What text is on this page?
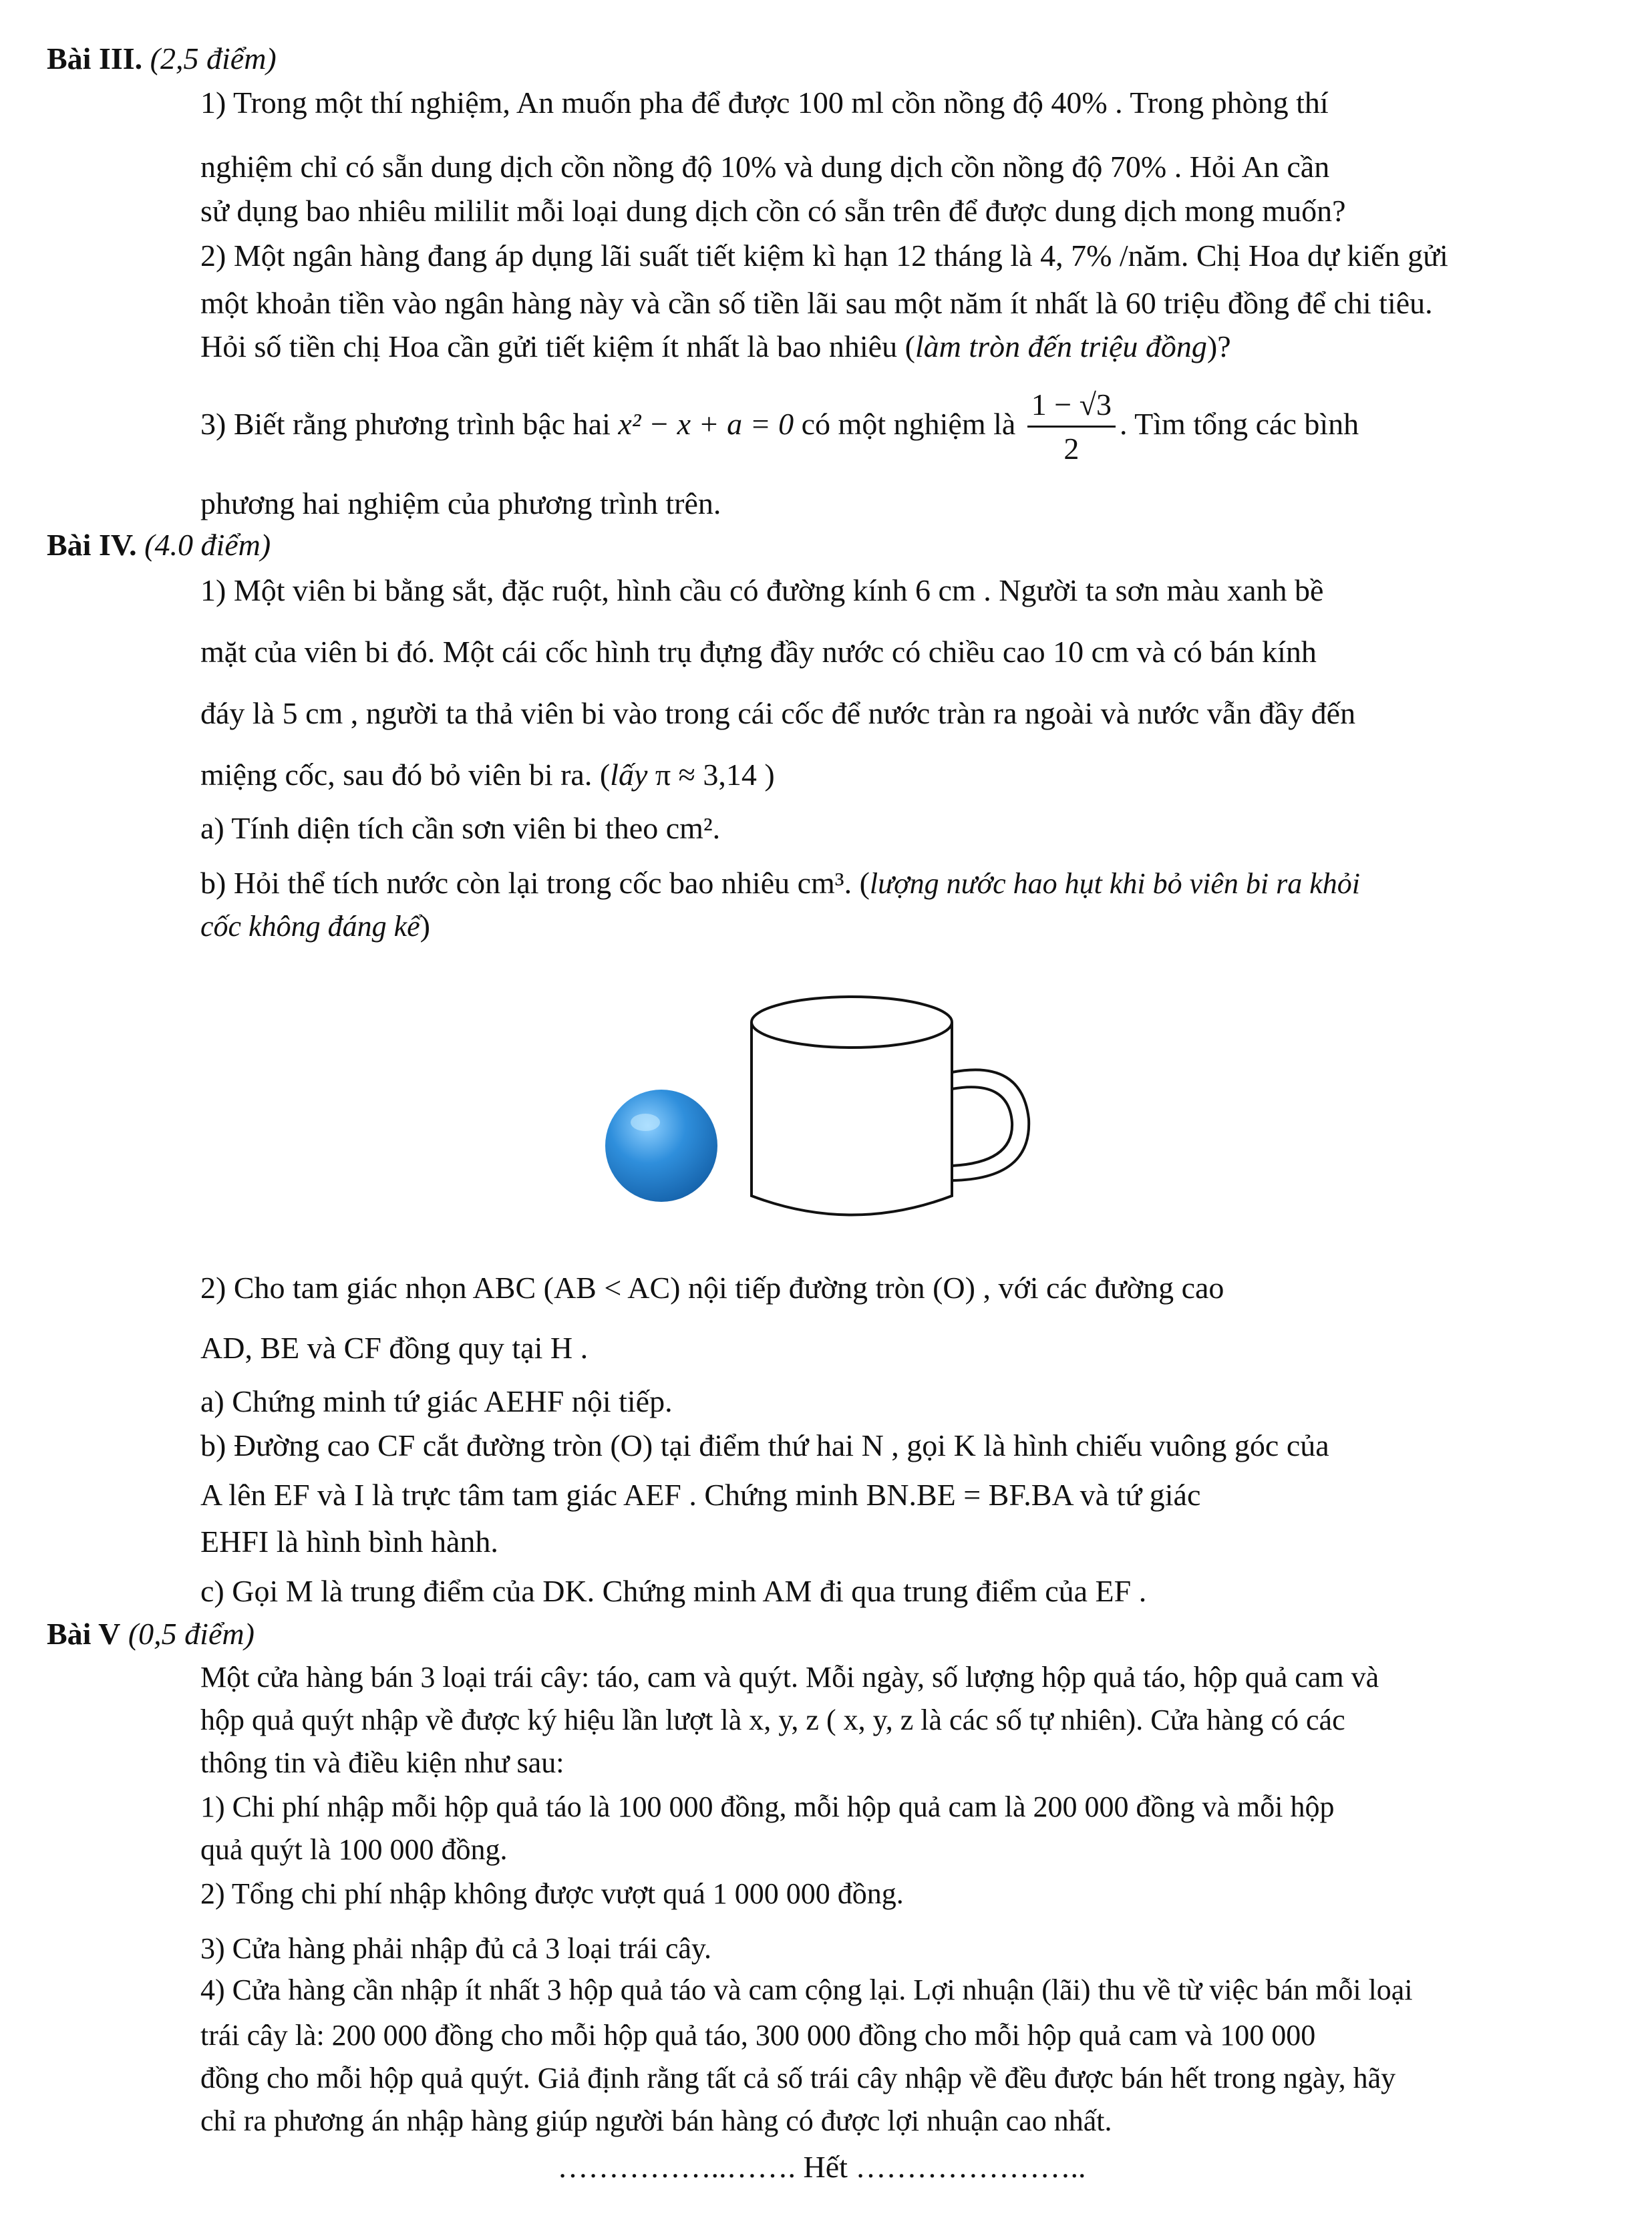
Bài III. (2,5 điểm)
1) Trong một thí nghiệm, An muốn pha để được 100 ml cồn nồng độ 40% . Trong phòng thí
nghiệm chỉ có sẵn dung dịch cồn nồng độ 10% và dung dịch cồn nồng độ 70% . Hỏi An cần
sử dụng bao nhiêu mililit mỗi loại dung dịch cồn có sẵn trên để được dung dịch mong muốn?
2) Một ngân hàng đang áp dụng lãi suất tiết kiệm kì hạn 12 tháng là 4, 7% /năm. Chị Hoa dự kiến gửi
một khoản tiền vào ngân hàng này và cần số tiền lãi sau một năm ít nhất là 60 triệu đồng để chi tiêu.
Hỏi số tiền chị Hoa cần gửi tiết kiệm ít nhất là bao nhiêu (làm tròn đến triệu đồng)?
3) Biết rằng phương trình bậc hai x² − x + a = 0 có một nghiệm là $\frac{1 - √3}{2}$ . Tìm tổng các bình
phương hai nghiệm của phương trình trên.
Bài IV. (4.0 điểm)
1) Một viên bi bằng sắt, đặc ruột, hình cầu có đường kính 6 cm . Người ta sơn màu xanh bề
mặt của viên bi đó. Một cái cốc hình trụ đựng đầy nước có chiều cao 10 cm và có bán kính
đáy là 5 cm , người ta thả viên bi vào trong cái cốc để nước tràn ra ngoài và nước vẫn đầy đến
miệng cốc, sau đó bỏ viên bi ra. (lấy π ≈ 3,14 )
a) Tính diện tích cần sơn viên bi theo cm².
b) Hỏi thể tích nước còn lại trong cốc bao nhiêu cm³. (lượng nước hao hụt khi bỏ viên bi ra khỏi
cốc không đáng kể)
2) Cho tam giác nhọn ABC (AB < AC) nội tiếp đường tròn (O) , với các đường cao
AD, BE và CF đồng quy tại H .
a) Chứng minh tứ giác AEHF nội tiếp.
b) Đường cao CF cắt đường tròn (O) tại điểm thứ hai N , gọi K là hình chiếu vuông góc của
A lên EF và I là trực tâm tam giác AEF . Chứng minh BN.BE = BF.BA và tứ giác
EHFI là hình bình hành.
c) Gọi M là trung điểm của DK. Chứng minh AM đi qua trung điểm của EF .
Bài V (0,5 điểm)
Một cửa hàng bán 3 loại trái cây: táo, cam và quýt. Mỗi ngày, số lượng hộp quả táo, hộp quả cam và
hộp quả quýt nhập về được ký hiệu lần lượt là x, y, z ( x, y, z là các số tự nhiên). Cửa hàng có các
thông tin và điều kiện như sau:
1) Chi phí nhập mỗi hộp quả táo là 100 000 đồng, mỗi hộp quả cam là 200 000 đồng và mỗi hộp
quả quýt là 100 000 đồng.
2) Tổng chi phí nhập không được vượt quá 1 000 000 đồng.
3) Cửa hàng phải nhập đủ cả 3 loại trái cây.
4) Cửa hàng cần nhập ít nhất 3 hộp quả táo và cam cộng lại. Lợi nhuận (lãi) thu về từ việc bán mỗi loại
trái cây là: 200 000 đồng cho mỗi hộp quả táo, 300 000 đồng cho mỗi hộp quả cam và 100 000
đồng cho mỗi hộp quả quýt. Giả định rằng tất cả số trái cây nhập về đều được bán hết trong ngày, hãy
chỉ ra phương án nhập hàng giúp người bán hàng có được lợi nhuận cao nhất.
……………..……. Hết …………………..
